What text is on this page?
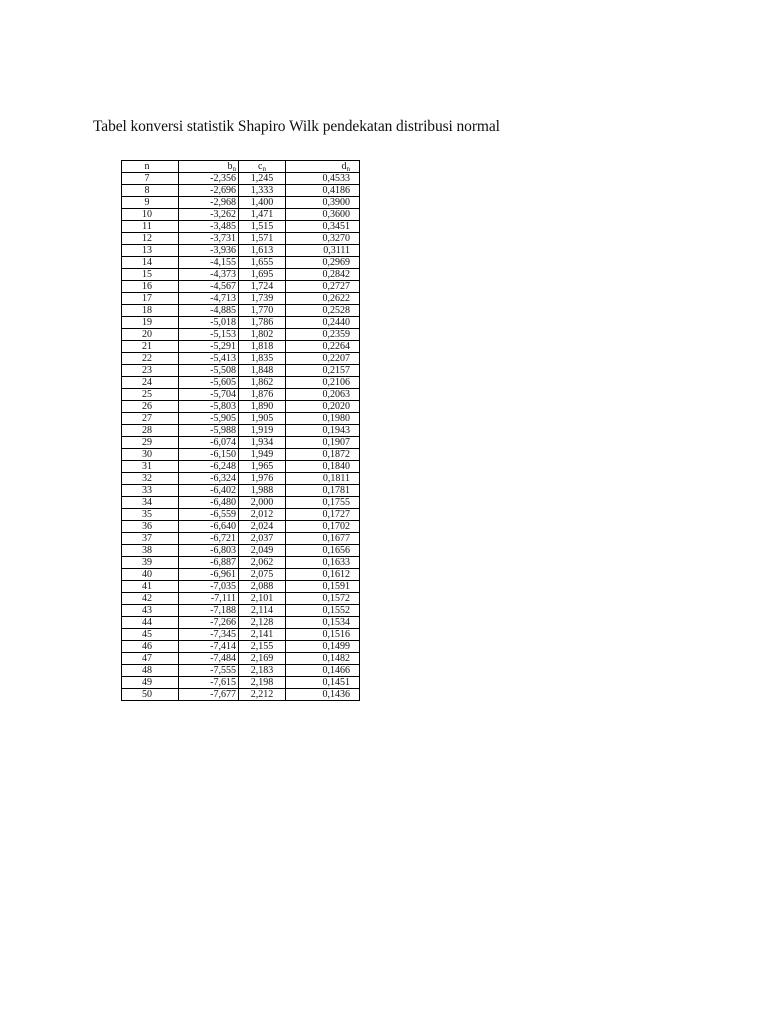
Tabel konversi statistik Shapiro Wilk pendekatan distribusi normal
n	$b_n$	$c_n$	$d_n$
7	-2,356	1,245	0,4533
8	-2,696	1,333	0,4186
9	-2,968	1,400	0,3900
10	-3,262	1,471	0,3600
11	-3,485	1,515	0,3451
12	-3,731	1,571	0,3270
13	-3,936	1,613	0,3111
14	-4,155	1,655	0,2969
15	-4,373	1,695	0,2842
16	-4,567	1,724	0,2727
17	-4,713	1,739	0,2622
18	-4,885	1,770	0,2528
19	-5,018	1,786	0,2440
20	-5,153	1,802	0,2359
21	-5,291	1,818	0,2264
22	-5,413	1,835	0,2207
23	-5,508	1,848	0,2157
24	-5,605	1,862	0,2106
25	-5,704	1,876	0,2063
26	-5,803	1,890	0,2020
27	-5,905	1,905	0,1980
28	-5,988	1,919	0,1943
29	-6,074	1,934	0,1907
30	-6,150	1,949	0,1872
31	-6,248	1,965	0,1840
32	-6,324	1,976	0,1811
33	-6,402	1,988	0,1781
34	-6,480	2,000	0,1755
35	-6,559	2,012	0,1727
36	-6,640	2,024	0,1702
37	-6,721	2,037	0,1677
38	-6,803	2,049	0,1656
39	-6,887	2,062	0,1633
40	-6,961	2,075	0,1612
41	-7,035	2,088	0,1591
42	-7,111	2,101	0,1572
43	-7,188	2,114	0,1552
44	-7,266	2,128	0,1534
45	-7,345	2,141	0,1516
46	-7,414	2,155	0,1499
47	-7,484	2,169	0,1482
48	-7,555	2,183	0,1466
49	-7,615	2,198	0,1451
50	-7,677	2,212	0,1436
